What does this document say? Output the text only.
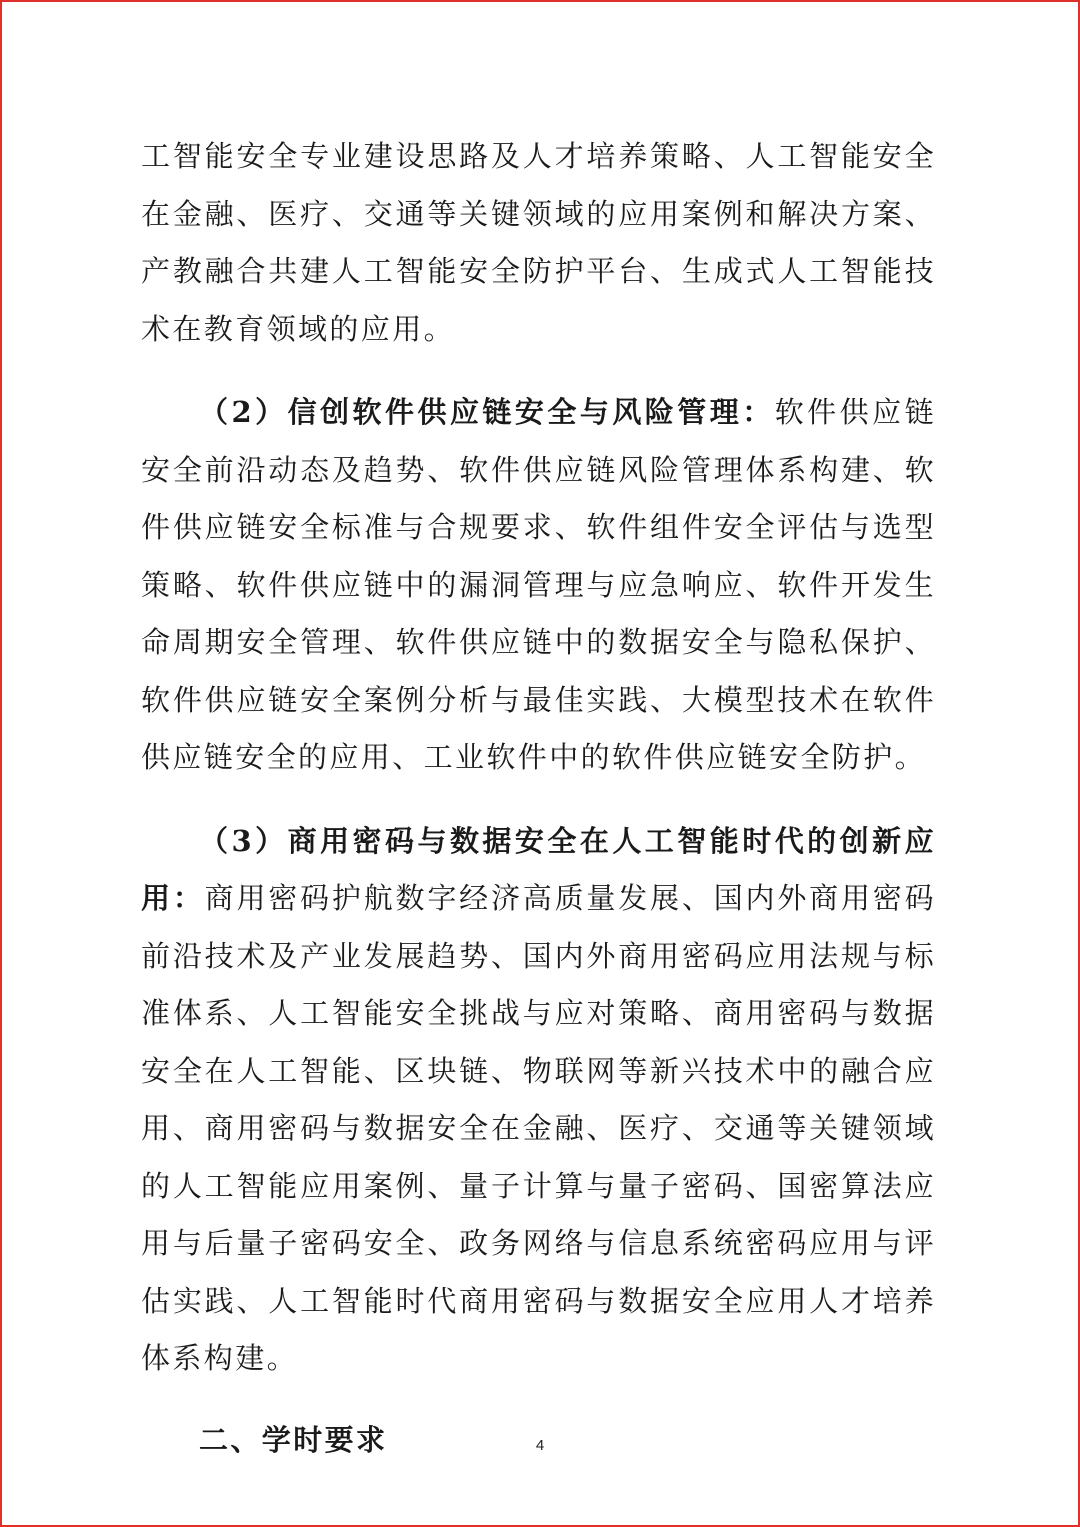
工智能安全专业建设思路及人才培养策略、人工智能安全在金融、医疗、交通等关键领域的应用案例和解决方案、产教融合共建人工智能安全防护平台、生成式人工智能技术在教育领域的应用。

（2）信创软件供应链安全与风险管理：软件供应链安全前沿动态及趋势、软件供应链风险管理体系构建、软件供应链安全标准与合规要求、软件组件安全评估与选型策略、软件供应链中的漏洞管理与应急响应、软件开发生命周期安全管理、软件供应链中的数据安全与隐私保护、软件供应链安全案例分析与最佳实践、大模型技术在软件供应链安全的应用、工业软件中的软件供应链安全防护。

（3）商用密码与数据安全在人工智能时代的创新应用：商用密码护航数字经济高质量发展、国内外商用密码前沿技术及产业发展趋势、国内外商用密码应用法规与标准体系、人工智能安全挑战与应对策略、商用密码与数据安全在人工智能、区块链、物联网等新兴技术中的融合应用、商用密码与数据安全在金融、医疗、交通等关键领域的人工智能应用案例、量子计算与量子密码、国密算法应用与后量子密码安全、政务网络与信息系统密码应用与评估实践、人工智能时代商用密码与数据安全应用人才培养体系构建。

二、学时要求	4
